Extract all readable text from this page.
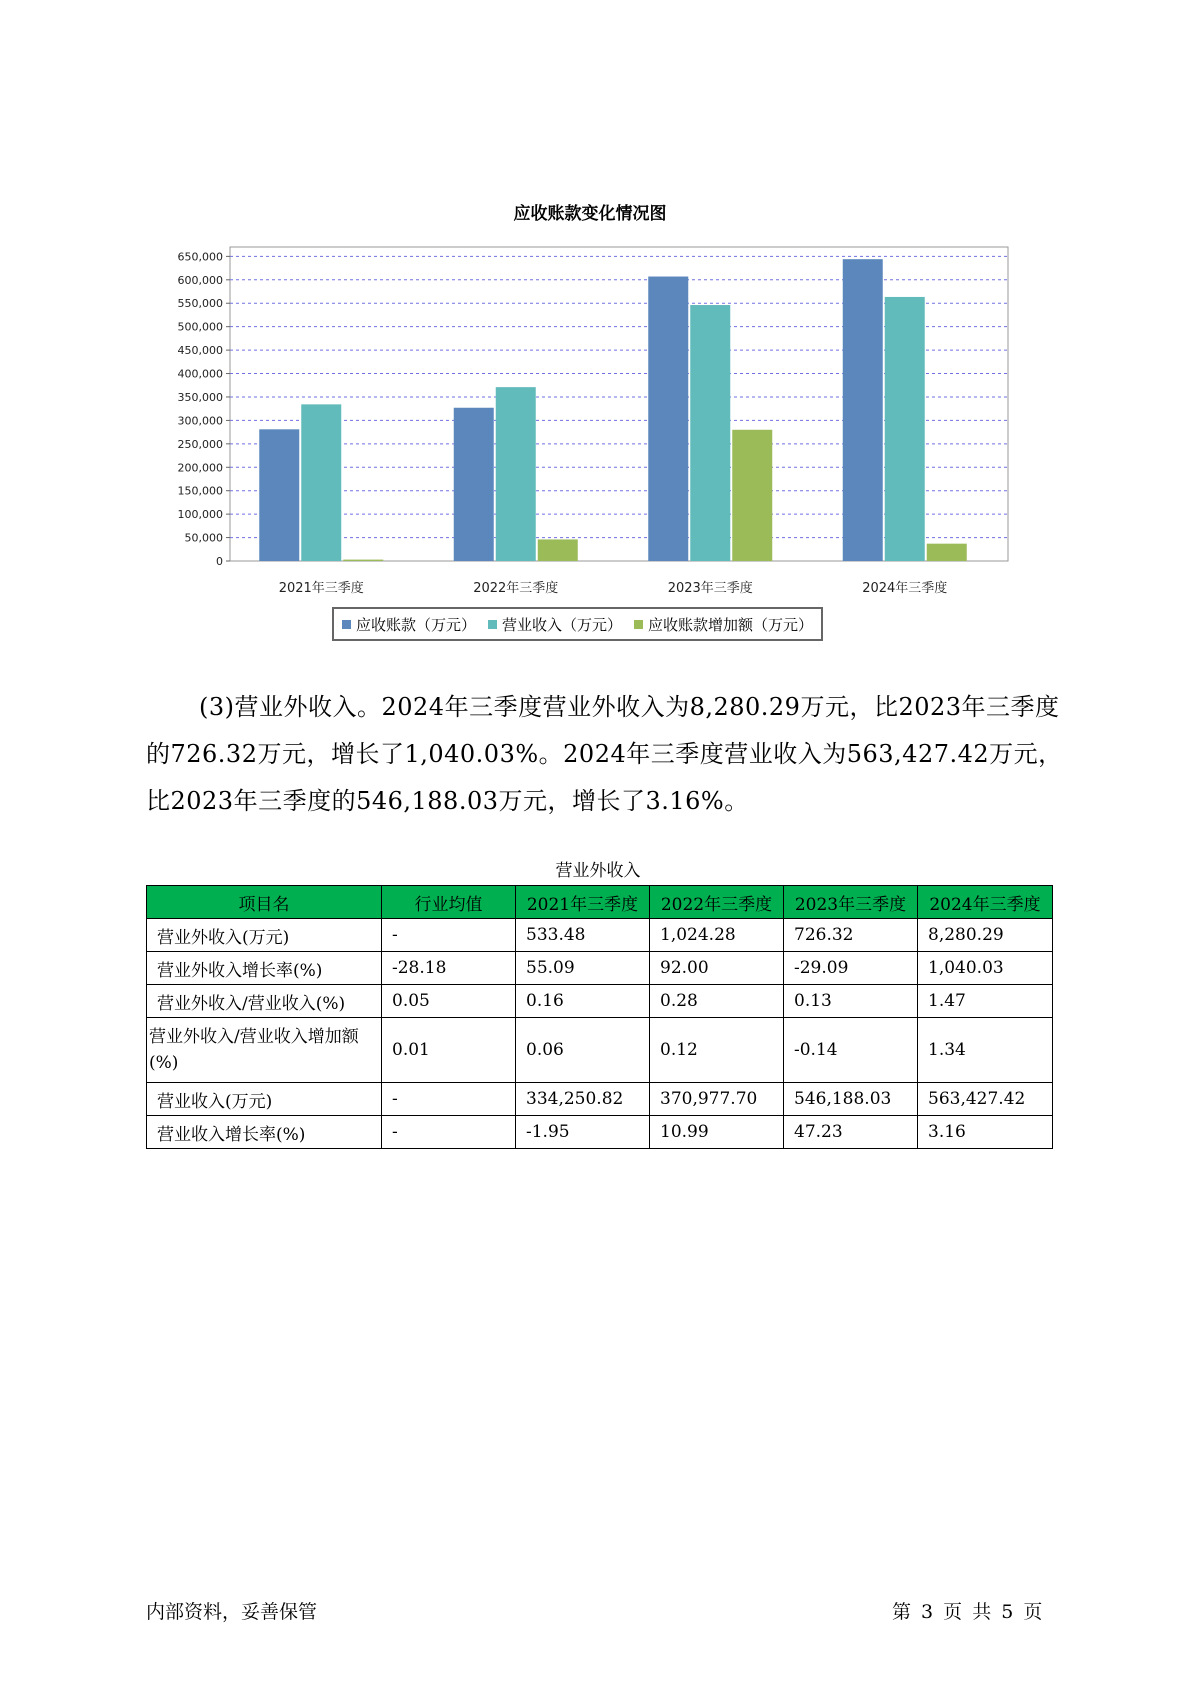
应收账款变化情况图
0
50,000
100,000
150,000
200,000
250,000
300,000
350,000
400,000
450,000
500,000
550,000
600,000
650,000
2021年三季度	2022年三季度	2023年三季度	2024年三季度
应收账款（万元） 营业收入（万元） 应收账款增加额（万元）

(3)营业外收入。2024年三季度营业外收入为8,280.29万元，比2023年三季度的726.32万元，增长了1,040.03%。2024年三季度营业收入为563,427.42万元，比2023年三季度的546,188.03万元，增长了3.16%。

营业外收入
项目名	行业均值	2021年三季度	2022年三季度	2023年三季度	2024年三季度
营业外收入(万元)	-	533.48	1,024.28	726.32	8,280.29
营业外收入增长率(%)	-28.18	55.09	92.00	-29.09	1,040.03
营业外收入/营业收入(%)	0.05	0.16	0.28	0.13	1.47
营业外收入/营业收入增加额(%)	0.01	0.06	0.12	-0.14	1.34
营业收入(万元)	-	334,250.82	370,977.70	546,188.03	563,427.42
营业收入增长率(%)	-	-1.95	10.99	47.23	3.16
内部资料，妥善保管	第 3 页 共 5 页
